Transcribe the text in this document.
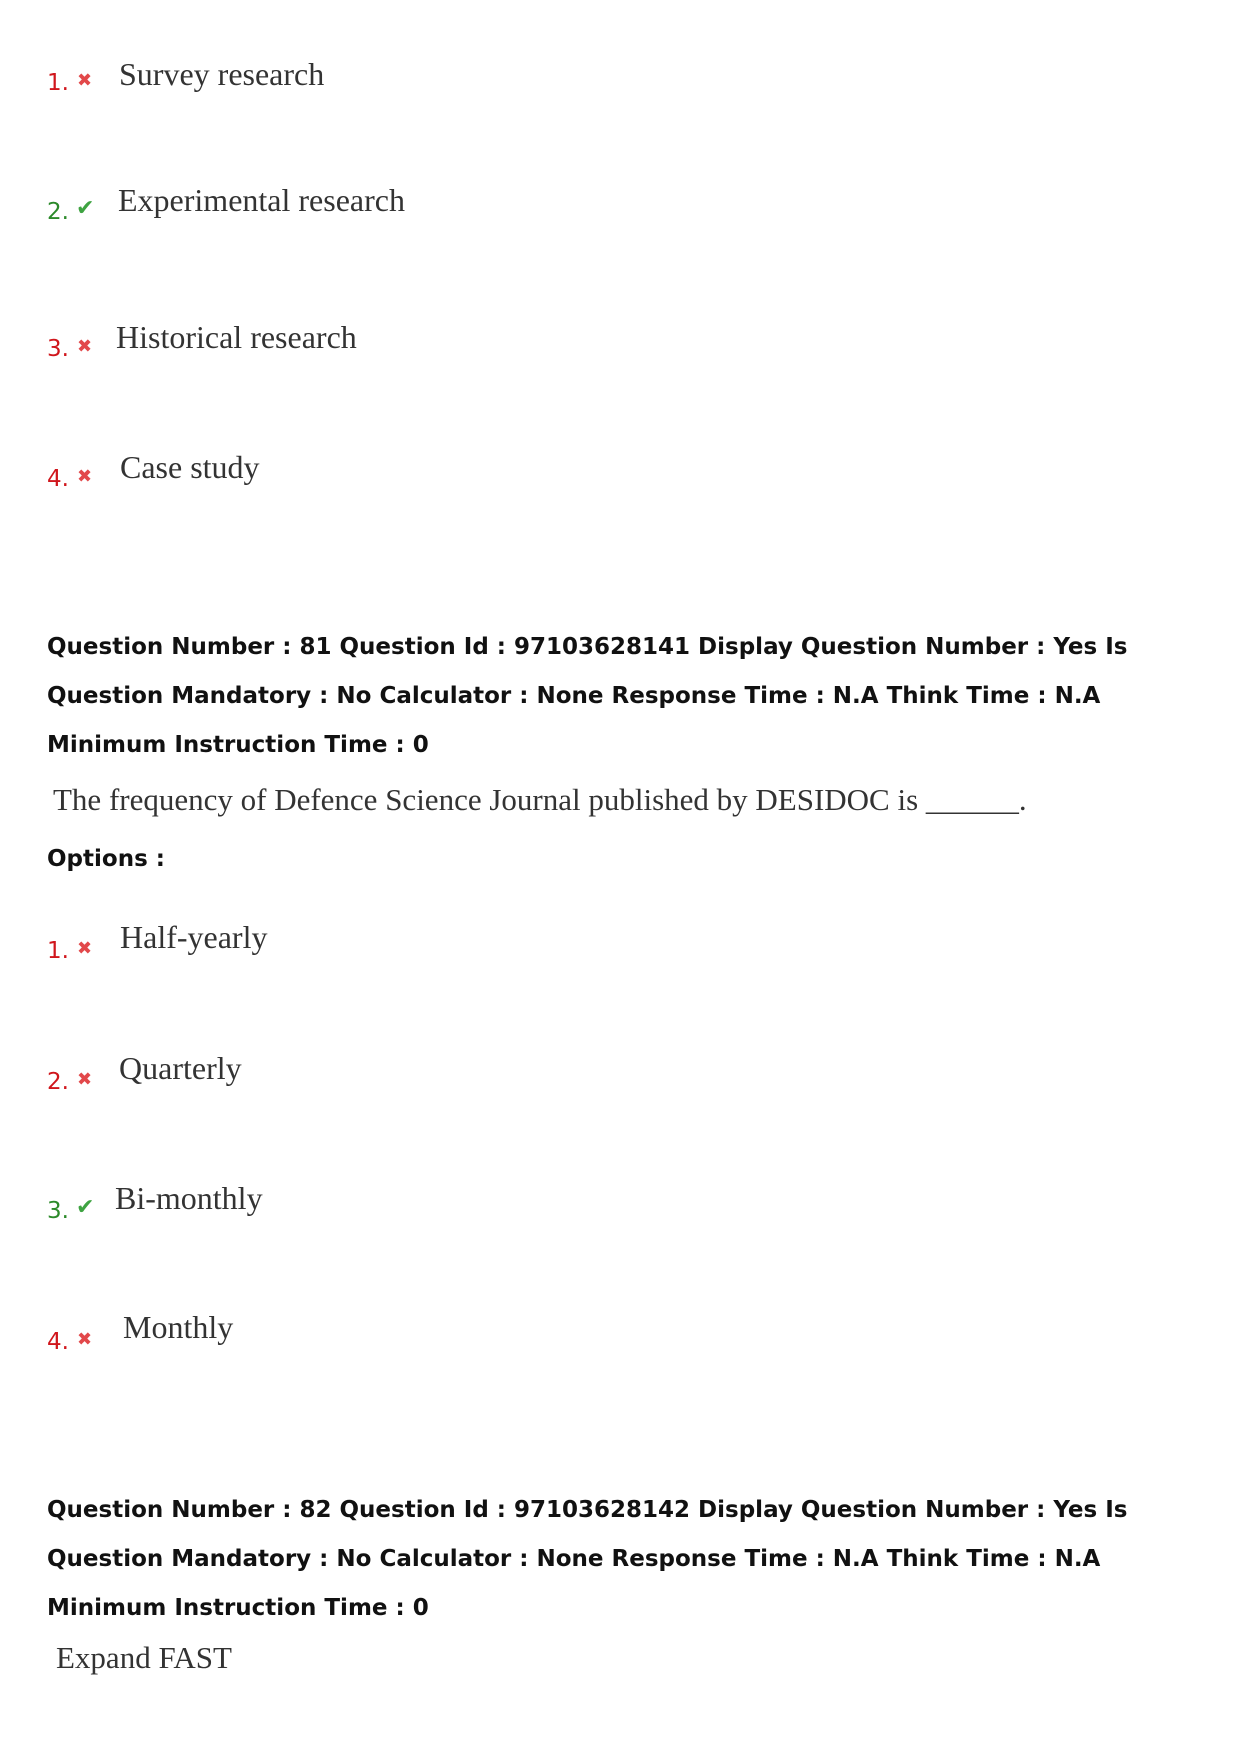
1. ✖ Survey research
2. ✔ Experimental research
3. ✖ Historical research
4. ✖ Case study

Question Number : 81 Question Id : 97103628141 Display Question Number : Yes Is Question Mandatory : No Calculator : None Response Time : N.A Think Time : N.A Minimum Instruction Time : 0

The frequency of Defence Science Journal published by DESIDOC is ______.
Options :
1. ✖ Half-yearly
2. ✖ Quarterly
3. ✔ Bi-monthly
4. ✖ Monthly

Question Number : 82 Question Id : 97103628142 Display Question Number : Yes Is Question Mandatory : No Calculator : None Response Time : N.A Think Time : N.A Minimum Instruction Time : 0

Expand FAST
